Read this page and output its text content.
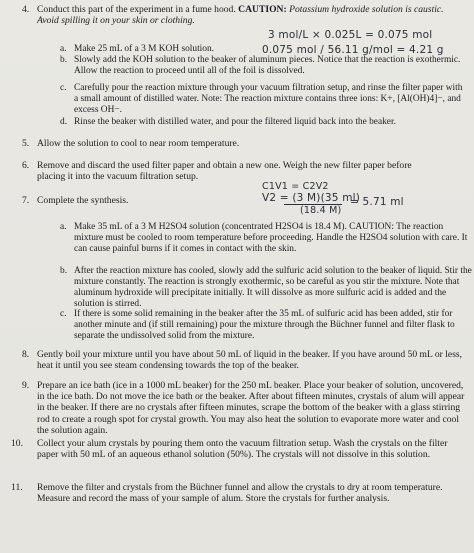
4. Conduct this part of the experiment in a fume hood. CAUTION: Potassium hydroxide solution is caustic. Avoid spilling it on your skin or clothing.
a. Make 25 mL of a 3 M KOH solution.
b. Slowly add the KOH solution to the beaker of aluminum pieces. Notice that the reaction is exothermic. Allow the reaction to proceed until all of the foil is dissolved.
c. Carefully pour the reaction mixture through your vacuum filtration setup, and rinse the filter paper with a small amount of distilled water. Note: The reaction mixture contains three ions: K+, [Al(OH)4]−, and excess OH−.
d. Rinse the beaker with distilled water, and pour the filtered liquid back into the beaker.
3 mol/L × 0.025L = 0.075 mol
0.075 mol / 56.11 g/mol = 4.21 g
5. Allow the solution to cool to near room temperature.
6. Remove and discard the used filter paper and obtain a new one. Weigh the new filter paper before placing it into the vacuum filtration setup.
C1V1 = C2V2
V2 = (3 M)(35 ml)
(18.4 M)
= 5.71 ml
7. Complete the synthesis.
a. Make 35 mL of a 3 M H2SO4 solution (concentrated H2SO4 is 18.4 M). CAUTION: The reaction mixture must be cooled to room temperature before proceeding. Handle the H2SO4 solution with care. It can cause painful burns if it comes in contact with the skin.
b. After the reaction mixture has cooled, slowly add the sulfuric acid solution to the beaker of liquid. Stir the mixture constantly. The reaction is strongly exothermic, so be careful as you stir the mixture. Note that aluminum hydroxide will precipitate initially. It will dissolve as more sulfuric acid is added and the solution is stirred.
c. If there is some solid remaining in the beaker after the 35 mL of sulfuric acid has been added, stir for another minute and (if still remaining) pour the mixture through the Büchner funnel and filter flask to separate the undissolved solid from the mixture.
8. Gently boil your mixture until you have about 50 mL of liquid in the beaker. If you have around 50 mL or less, heat it until you see steam condensing towards the top of the beaker.
9. Prepare an ice bath (ice in a 1000 mL beaker) for the 250 mL beaker. Place your beaker of solution, uncovered, in the ice bath. Do not move the ice bath or the beaker. After about fifteen minutes, crystals of alum will appear in the beaker. If there are no crystals after fifteen minutes, scrape the bottom of the beaker with a glass stirring rod to create a rough spot for crystal growth. You may also heat the solution to evaporate more water and cool the solution again.
10. Collect your alum crystals by pouring them onto the vacuum filtration setup. Wash the crystals on the filter paper with 50 mL of an aqueous ethanol solution (50%). The crystals will not dissolve in this solution.
11. Remove the filter and crystals from the Büchner funnel and allow the crystals to dry at room temperature. Measure and record the mass of your sample of alum. Store the crystals for further analysis.
